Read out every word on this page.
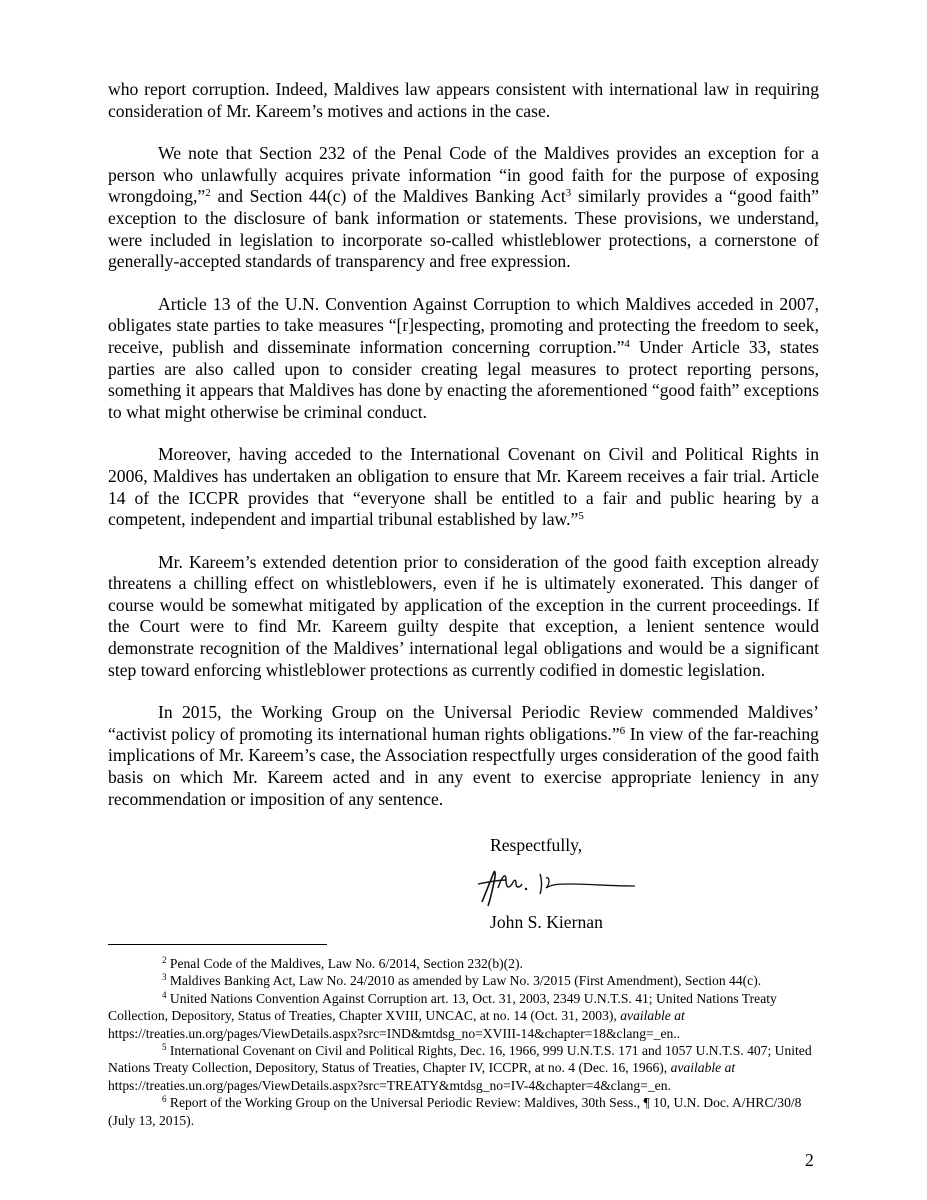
who report corruption. Indeed, Maldives law appears consistent with international law in requiring consideration of Mr. Kareem’s motives and actions in the case.

We note that Section 232 of the Penal Code of the Maldives provides an exception for a person who unlawfully acquires private information “in good faith for the purpose of exposing wrongdoing,”$^2$ and Section 44(c) of the Maldives Banking Act$^3$ similarly provides a “good faith” exception to the disclosure of bank information or statements. These provisions, we understand, were included in legislation to incorporate so-called whistleblower protections, a cornerstone of generally-accepted standards of transparency and free expression.

Article 13 of the U.N. Convention Against Corruption to which Maldives acceded in 2007, obligates state parties to take measures “[r]especting, promoting and protecting the freedom to seek, receive, publish and disseminate information concerning corruption.”$^4$ Under Article 33, states parties are also called upon to consider creating legal measures to protect reporting persons, something it appears that Maldives has done by enacting the aforementioned “good faith” exceptions to what might otherwise be criminal conduct.

Moreover, having acceded to the International Covenant on Civil and Political Rights in 2006, Maldives has undertaken an obligation to ensure that Mr. Kareem receives a fair trial. Article 14 of the ICCPR provides that “everyone shall be entitled to a fair and public hearing by a competent, independent and impartial tribunal established by law.”$^5$

Mr. Kareem’s extended detention prior to consideration of the good faith exception already threatens a chilling effect on whistleblowers, even if he is ultimately exonerated. This danger of course would be somewhat mitigated by application of the exception in the current proceedings. If the Court were to find Mr. Kareem guilty despite that exception, a lenient sentence would demonstrate recognition of the Maldives’ international legal obligations and would be a significant step toward enforcing whistleblower protections as currently codified in domestic legislation.

In 2015, the Working Group on the Universal Periodic Review commended Maldives’ “activist policy of promoting its international human rights obligations.”$^6$ In view of the far-reaching implications of Mr. Kareem’s case, the Association respectfully urges consideration of the good faith basis on which Mr. Kareem acted and in any event to exercise appropriate leniency in any recommendation or imposition of any sentence.

Respectfully,
John S. Kiernan

$^2$ Penal Code of the Maldives, Law No. 6/2014, Section 232(b)(2).

$^3$ Maldives Banking Act, Law No. 24/2010 as amended by Law No. 3/2015 (First Amendment), Section 44(c).

$^4$ United Nations Convention Against Corruption art. 13, Oct. 31, 2003, 2349 U.N.T.S. 41; United Nations Treaty Collection, Depository, Status of Treaties, Chapter XVIII, UNCAC, at no. 14 (Oct. 31, 2003), available at https://treaties.un.org/pages/ViewDetails.aspx?src=IND&mtdsg_no=XVIII-14&chapter=18&clang=_en..

$^5$ International Covenant on Civil and Political Rights, Dec. 16, 1966, 999 U.N.T.S. 171 and 1057 U.N.T.S. 407; United Nations Treaty Collection, Depository, Status of Treaties, Chapter IV, ICCPR, at no. 4 (Dec. 16, 1966), available at https://treaties.un.org/pages/ViewDetails.aspx?src=TREATY&mtdsg_no=IV-4&chapter=4&clang=_en.

$^6$ Report of the Working Group on the Universal Periodic Review: Maldives, 30th Sess., ¶ 10, U.N. Doc. A/HRC/30/8 (July 13, 2015).

2
